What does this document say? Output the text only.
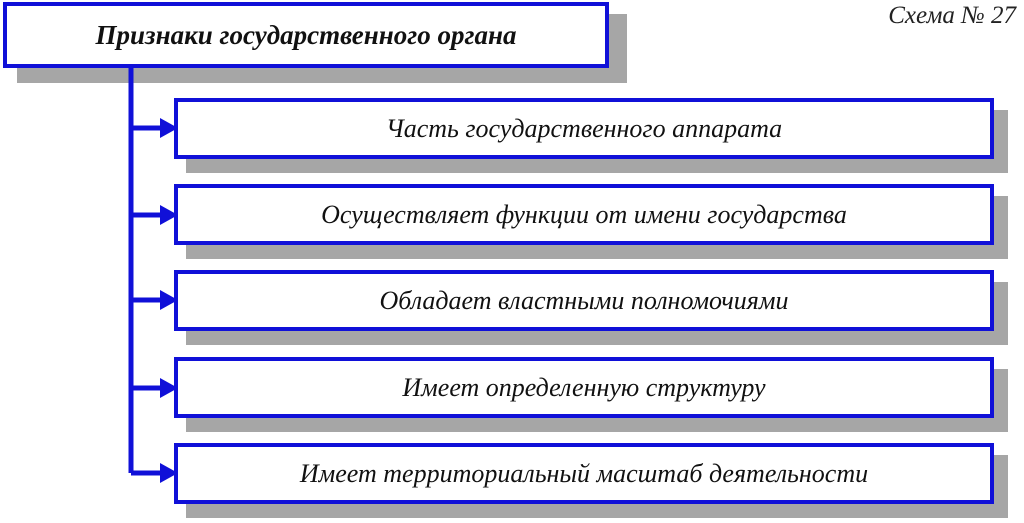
Схема № 27
Признаки государственного органа
Часть государственного аппарата
Осуществляет функции от имени государства
Обладает властными полномочиями
Имеет определенную структуру
Имеет территориальный масштаб деятельности
